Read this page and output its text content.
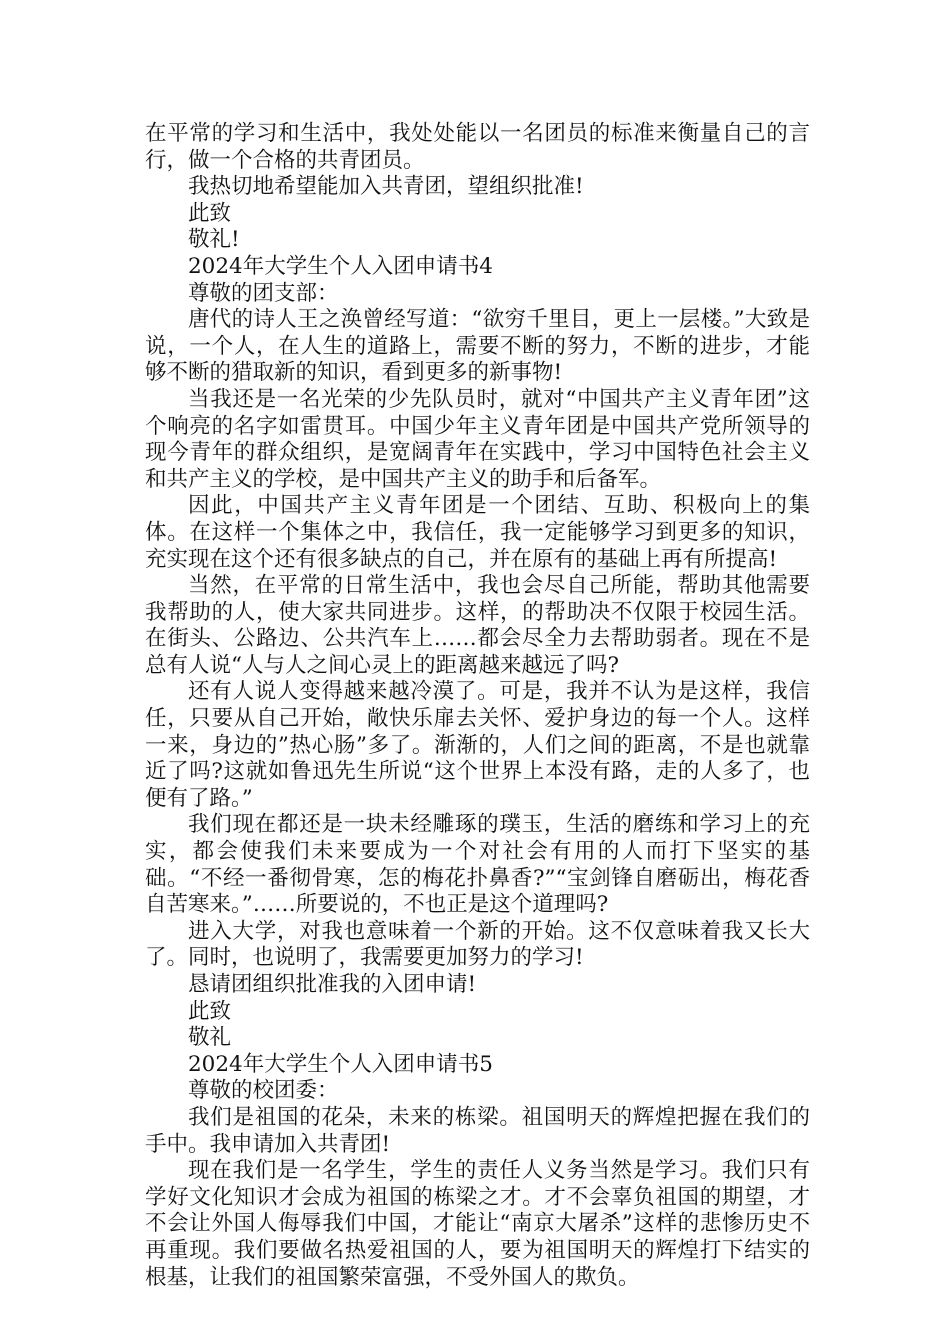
在平常的学习和生活中，我处处能以一名团员的标准来衡量自己的言行，做一个合格的共青团员。

我热切地希望能加入共青团，望组织批准!

此致

敬礼!

2024年大学生个人入团申请书4

尊敬的团支部：

唐代的诗人王之涣曾经写道：“欲穷千里目，更上一层楼。”大致是说，一个人，在人生的道路上，需要不断的努力，不断的进步，才能够不断的猎取新的知识，看到更多的新事物!

当我还是一名光荣的少先队员时，就对“中国共产主义青年团”这个响亮的名字如雷贯耳。中国少年主义青年团是中国共产党所领导的现今青年的群众组织，是宽阔青年在实践中，学习中国特色社会主义和共产主义的学校，是中国共产主义的助手和后备军。

因此，中国共产主义青年团是一个团结、互助、积极向上的集体。在这样一个集体之中，我信任，我一定能够学习到更多的知识，充实现在这个还有很多缺点的自己，并在原有的基础上再有所提高!

当然，在平常的日常生活中，我也会尽自己所能，帮助其他需要我帮助的人，使大家共同进步。这样，的帮助决不仅限于校园生活。在街头、公路边、公共汽车上……都会尽全力去帮助弱者。现在不是总有人说“人与人之间心灵上的距离越来越远了吗?

还有人说人变得越来越冷漠了。可是，我并不认为是这样，我信任，只要从自己开始，敞快乐扉去关怀、爱护身边的每一个人。这样一来，身边的”热心肠”多了。渐渐的，人们之间的距离，不是也就靠近了吗?这就如鲁迅先生所说“这个世界上本没有路，走的人多了，也便有了路。”

我们现在都还是一块未经雕琢的璞玉，生活的磨练和学习上的充实，都会使我们未来要成为一个对社会有用的人而打下坚实的基础。“不经一番彻骨寒，怎的梅花扑鼻香?”“宝剑锋自磨砺出，梅花香自苦寒来。”……所要说的，不也正是这个道理吗?

进入大学，对我也意味着一个新的开始。这不仅意味着我又长大了。同时，也说明了，我需要更加努力的学习!

恳请团组织批准我的入团申请!

此致

敬礼

2024年大学生个人入团申请书5

尊敬的校团委：

我们是祖国的花朵，未来的栋梁。祖国明天的辉煌把握在我们的手中。我申请加入共青团!

现在我们是一名学生，学生的责任人义务当然是学习。我们只有学好文化知识才会成为祖国的栋梁之才。才不会辜负祖国的期望，才不会让外国人侮辱我们中国，才能让“南京大屠杀”这样的悲惨历史不再重现。我们要做名热爱祖国的人，要为祖国明天的辉煌打下结实的根基，让我们的祖国繁荣富强，不受外国人的欺负。
